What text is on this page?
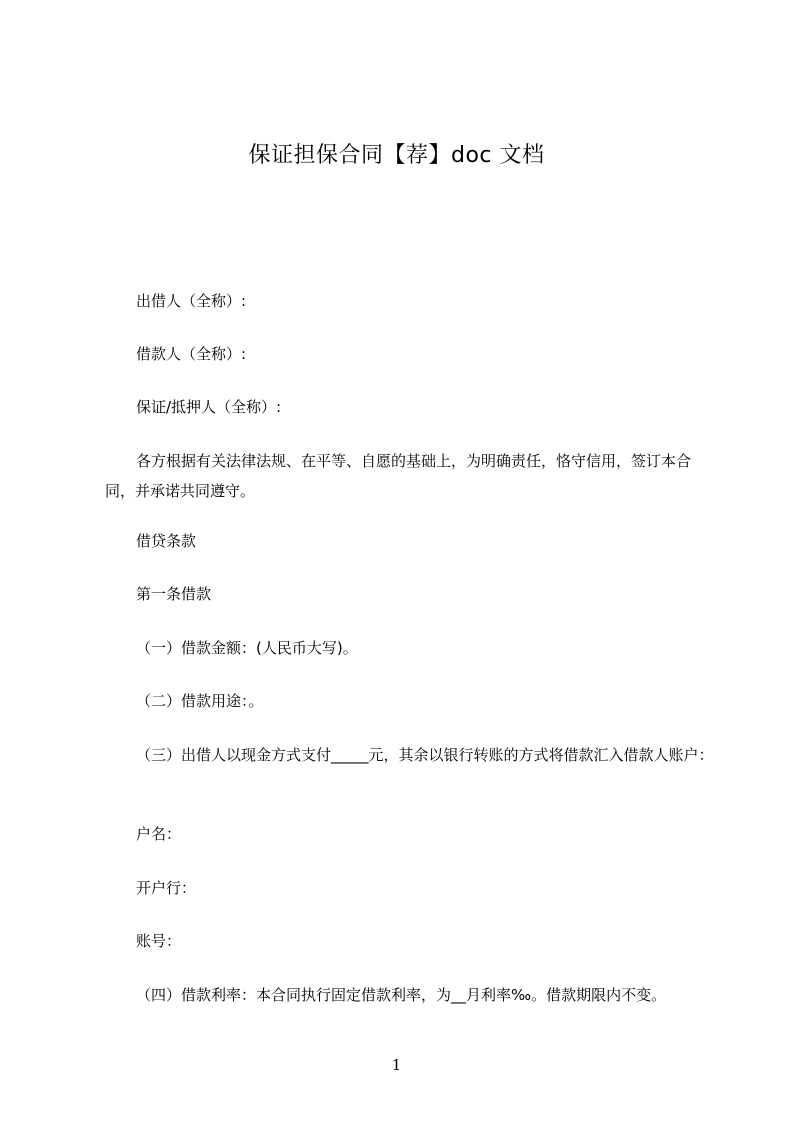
保证担保合同【荐】doc 文档
出借人（全称）:
借款人（全称）:
保证/抵押人（全称）:
各方根据有关法律法规、在平等、自愿的基础上，为明确责任，恪守信用，签订本合同，并承诺共同遵守。
借贷条款
第一条借款
（一）借款金额：(人民币大写)。
（二）借款用途：。
（三）出借人以现金方式支付_____元，其余以银行转账的方式将借款汇入借款人账户：
户名：
开户行：
账号：
（四）借款利率：本合同执行固定借款利率，为__月利率‰。借款期限内不变。
1
